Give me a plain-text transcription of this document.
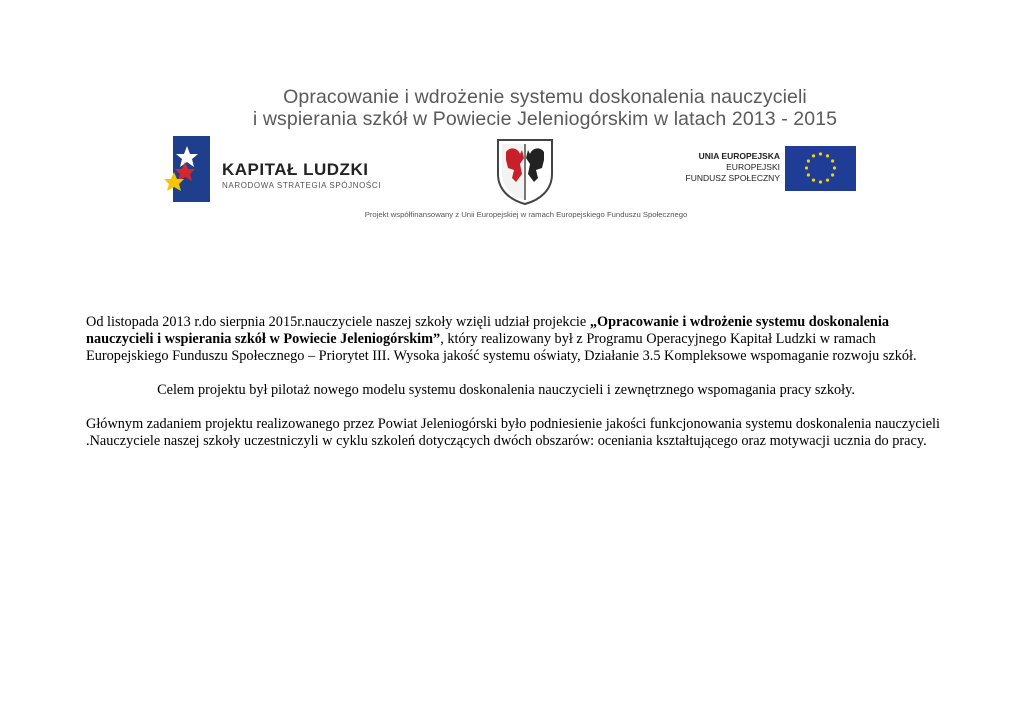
Opracowanie i wdrożenie systemu doskonalenia nauczycieli
i wspierania szkół w Powiecie Jeleniogórskim w latach 2013 - 2015
KAPITAŁ LUDZKI
NARODOWA STRATEGIA SPÓJNOŚCI
UNIA EUROPEJSKA
EUROPEJSKI
FUNDUSZ SPOŁECZNY
Projekt współfinansowany z Unii Europejskiej w ramach Europejskiego Funduszu Społecznego

Od listopada 2013 r.do sierpnia 2015r.nauczyciele naszej szkoły wzięli udział projekcie „Opracowanie i wdrożenie systemu doskonalenia nauczycieli i wspierania szkół w Powiecie Jeleniogórskim”, który realizowany był z Programu Operacyjnego Kapitał Ludzki w ramach Europejskiego Funduszu Społecznego – Priorytet III. Wysoka jakość systemu oświaty, Działanie 3.5 Kompleksowe wspomaganie rozwoju szkół.

Celem projektu był pilotaż nowego modelu systemu doskonalenia nauczycieli i zewnętrznego wspomagania pracy szkoły.

Głównym zadaniem projektu realizowanego przez Powiat Jeleniogórski było podniesienie jakości funkcjonowania systemu doskonalenia nauczycieli .Nauczyciele naszej szkoły uczestniczyli w cyklu szkoleń dotyczących dwóch obszarów: oceniania kształtującego oraz motywacji ucznia do pracy.
